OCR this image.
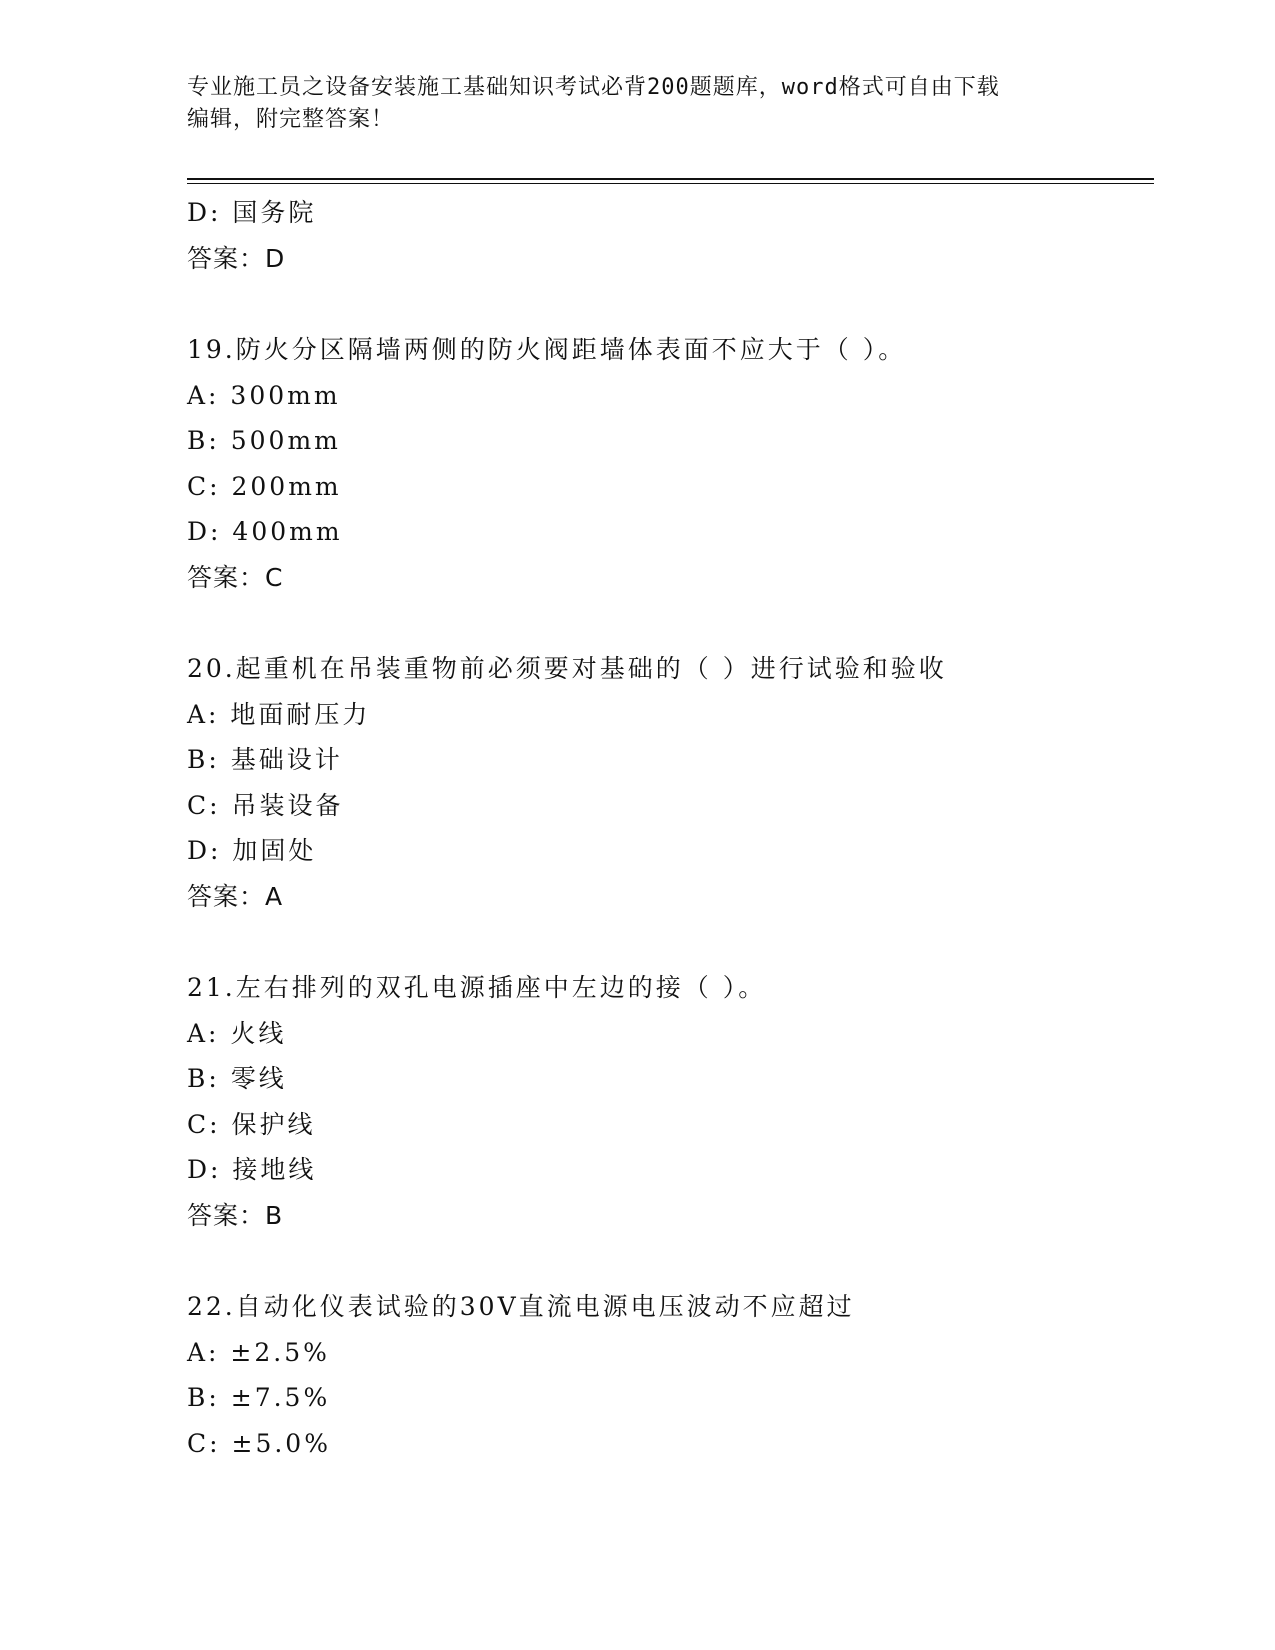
专业施工员之设备安装施工基础知识考试必背200题题库，word格式可自由下载
编辑，附完整答案！
D: 国务院
答案：D
19.防火分区隔墙两侧的防火阀距墙体表面不应大于（ ）。
A: 300mm
B: 500mm
C: 200mm
D: 400mm
答案：C
20.起重机在吊装重物前必须要对基础的（ ）进行试验和验收
A: 地面耐压力
B: 基础设计
C: 吊装设备
D: 加固处
答案：A
21.左右排列的双孔电源插座中左边的接（ ）。
A: 火线
B: 零线
C: 保护线
D: 接地线
答案：B
22.自动化仪表试验的30V直流电源电压波动不应超过
A: ±2.5%
B: ±7.5%
C: ±5.0%
